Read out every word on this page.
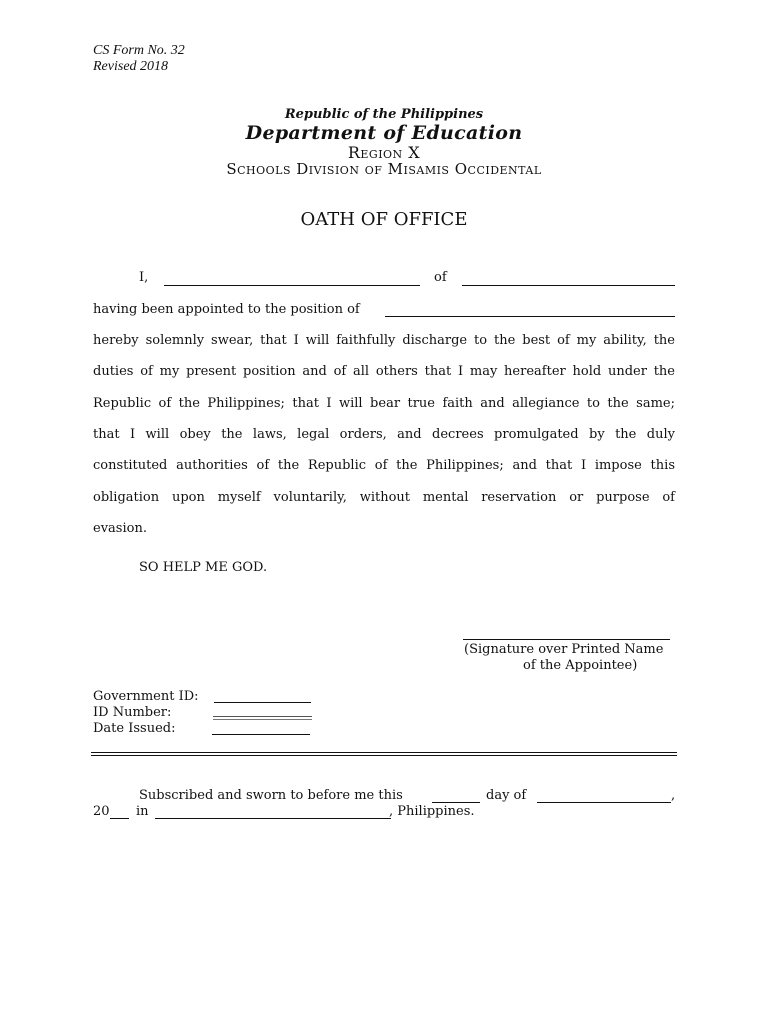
CS Form No. 32
Revised 2018
Republic of the Philippines
Department of Education
Region X
Schools Division of Misamis Occidental
OATH OF OFFICE
I,	of
having been appointed to the position of
hereby solemnly swear, that I will faithfully discharge to the best of my ability, the
duties of my present position and of all others that I may hereafter hold under the
Republic of the Philippines; that I will bear true faith and allegiance to the same;
that I will obey the laws, legal orders, and decrees promulgated by the duly
constituted authorities of the Republic of the Philippines; and that I impose this
obligation upon myself voluntarily, without mental reservation or purpose of
evasion.
SO HELP ME GOD.
(Signature over Printed Name
of the Appointee)
Government ID:
ID Number:
Date Issued:
Subscribed and sworn to before me this	day of	,
20 in	, Philippines.
